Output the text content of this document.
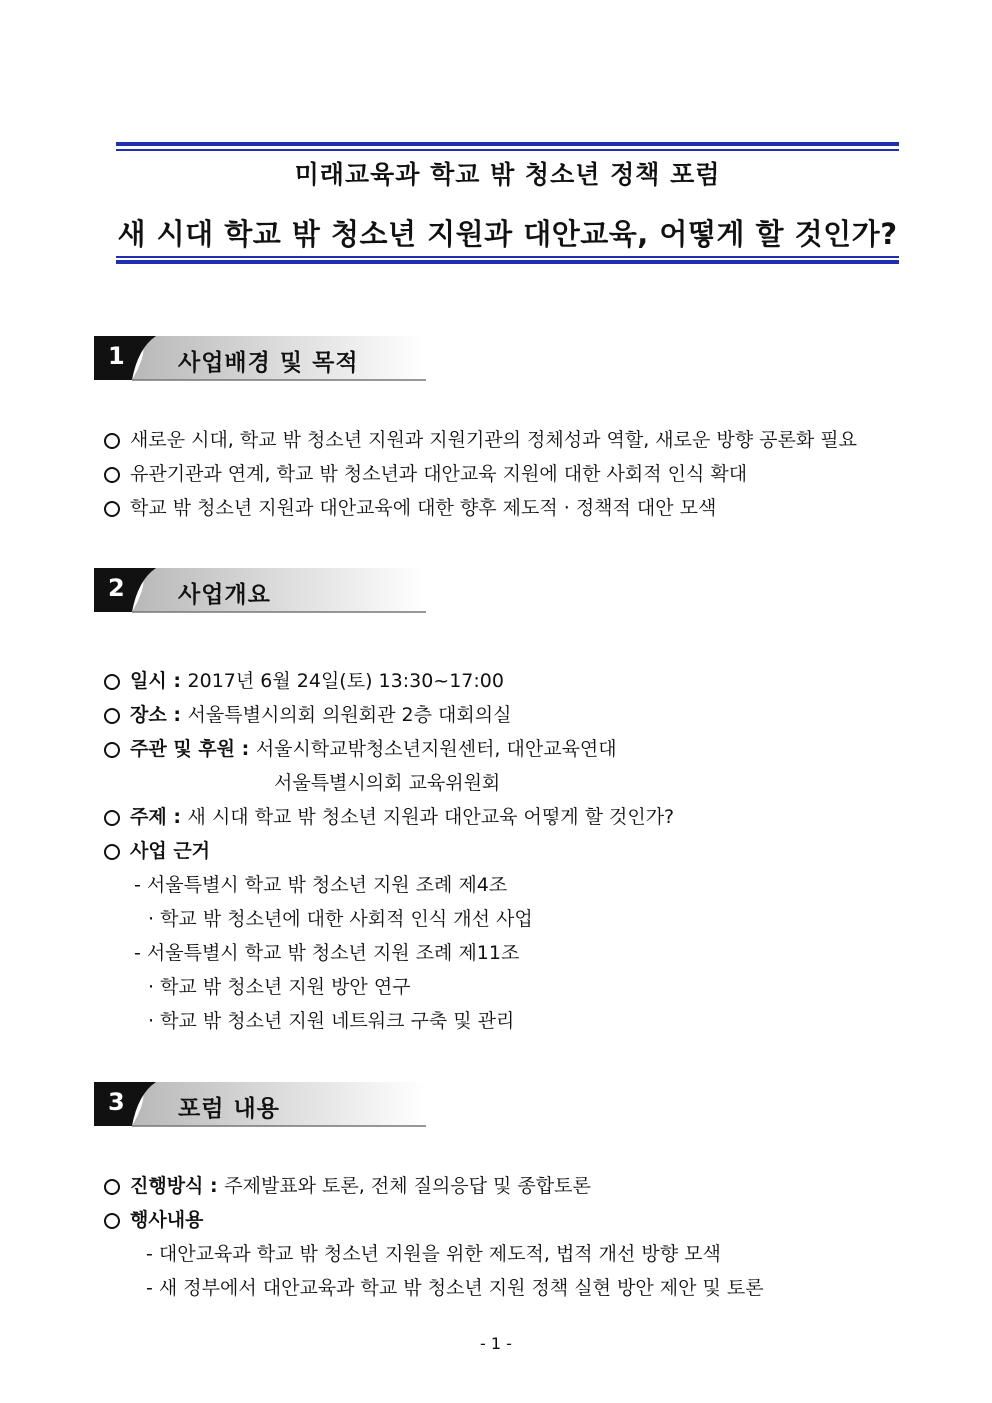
미래교육과 학교 밖 청소년 정책 포럼
새 시대 학교 밖 청소년 지원과 대안교육, 어떻게 할 것인가?
1 사업배경 및 목적
새로운 시대, 학교 밖 청소년 지원과 지원기관의 정체성과 역할, 새로운 방향 공론화 필요
유관기관과 연계, 학교 밖 청소년과 대안교육 지원에 대한 사회적 인식 확대
학교 밖 청소년 지원과 대안교육에 대한 향후 제도적 · 정책적 대안 모색
2 사업개요
일시 : 2017년 6월 24일(토) 13:30~17:00
장소 : 서울특별시의회 의원회관 2층 대회의실
주관 및 후원 : 서울시학교밖청소년지원센터, 대안교육연대
서울특별시의회 교육위원회
주제 : 새 시대 학교 밖 청소년 지원과 대안교육 어떻게 할 것인가?
사업 근거
- 서울특별시 학교 밖 청소년 지원 조례 제4조
· 학교 밖 청소년에 대한 사회적 인식 개선 사업
- 서울특별시 학교 밖 청소년 지원 조례 제11조
· 학교 밖 청소년 지원 방안 연구
· 학교 밖 청소년 지원 네트워크 구축 및 관리
3 포럼 내용
진행방식 : 주제발표와 토론, 전체 질의응답 및 종합토론
행사내용
- 대안교육과 학교 밖 청소년 지원을 위한 제도적, 법적 개선 방향 모색
- 새 정부에서 대안교육과 학교 밖 청소년 지원 정책 실현 방안 제안 및 토론
- 1 -
